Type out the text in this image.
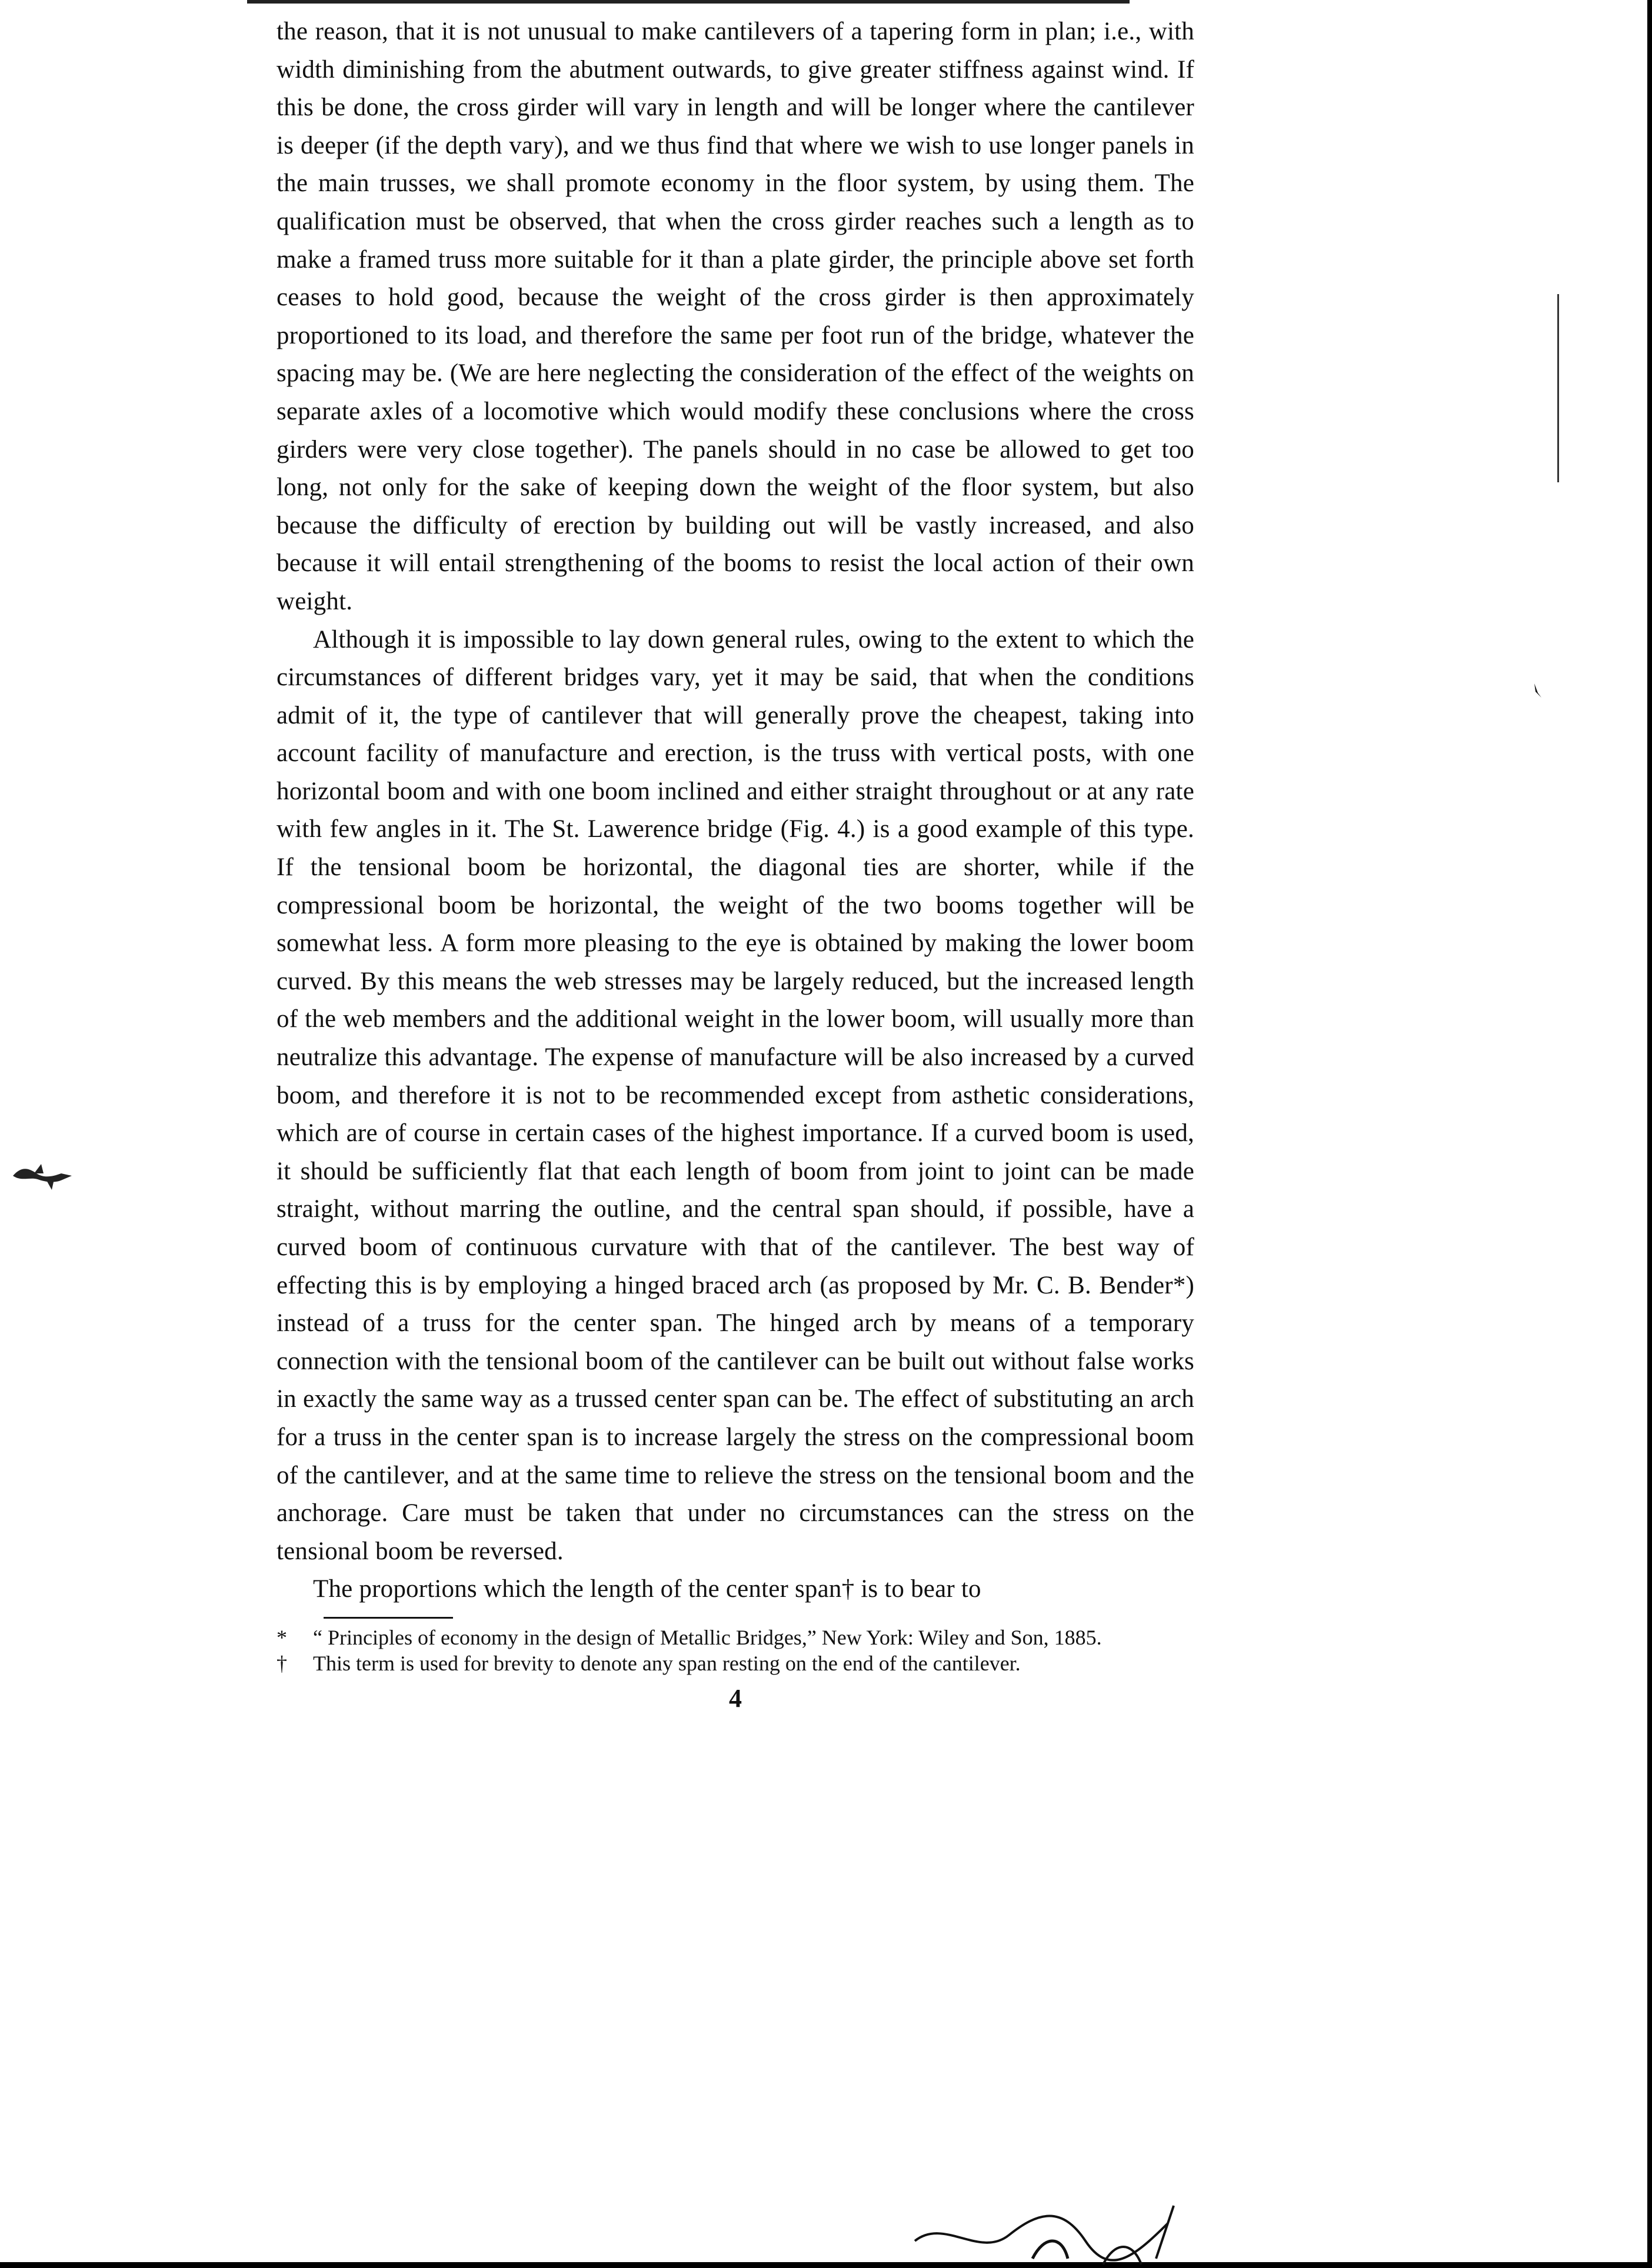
the reason, that it is not unusual to make cantilevers of a tapering form in plan; i.e., with width diminishing from the abutment outwards, to give greater stiffness against wind. If this be done, the cross girder will vary in length and will be longer where the cantilever is deeper (if the depth vary), and we thus find that where we wish to use longer panels in the main trusses, we shall promote economy in the floor system, by using them. The qualification must be observed, that when the cross girder reaches such a length as to make a framed truss more suitable for it than a plate girder, the principle above set forth ceases to hold good, because the weight of the cross girder is then approximately proportioned to its load, and therefore the same per foot run of the bridge, whatever the spacing may be. (We are here neglecting the consideration of the effect of the weights on separate axles of a locomotive which would modify these conclusions where the cross girders were very close together). The panels should in no case be allowed to get too long, not only for the sake of keeping down the weight of the floor system, but also because the difficulty of erection by building out will be vastly increased, and also because it will entail strengthening of the booms to resist the local action of their own weight.

Although it is impossible to lay down general rules, owing to the extent to which the circumstances of different bridges vary, yet it may be said, that when the conditions admit of it, the type of cantilever that will generally prove the cheapest, taking into account facility of manufacture and erection, is the truss with vertical posts, with one horizontal boom and with one boom inclined and either straight throughout or at any rate with few angles in it. The St. Lawerence bridge (Fig. 4.) is a good example of this type. If the tensional boom be horizontal, the diagonal ties are shorter, while if the compressional boom be horizontal, the weight of the two booms together will be somewhat less. A form more pleasing to the eye is obtained by making the lower boom curved. By this means the web stresses may be largely reduced, but the increased length of the web members and the additional weight in the lower boom, will usually more than neutralize this advantage. The expense of manufacture will be also increased by a curved boom, and therefore it is not to be recommended except from asthetic considerations, which are of course in certain cases of the highest importance. If a curved boom is used, it should be sufficiently flat that each length of boom from joint to joint can be made straight, without marring the outline, and the central span should, if possible, have a curved boom of continuous curvature with that of the cantilever. The best way of effecting this is by employing a hinged braced arch (as proposed by Mr. C. B. Bender*) instead of a truss for the center span. The hinged arch by means of a temporary connection with the tensional boom of the cantilever can be built out without false works in exactly the same way as a trussed center span can be. The effect of substituting an arch for a truss in the center span is to increase largely the stress on the compressional boom of the cantilever, and at the same time to relieve the stress on the tensional boom and the anchorage. Care must be taken that under no circumstances can the stress on the tensional boom be reversed.

The proportions which the length of the center span† is to bear to

* “ Principles of economy in the design of Metallic Bridges,” New York: Wiley and Son, 1885.

† This term is used for brevity to denote any span resting on the end of the cantilever.

4
